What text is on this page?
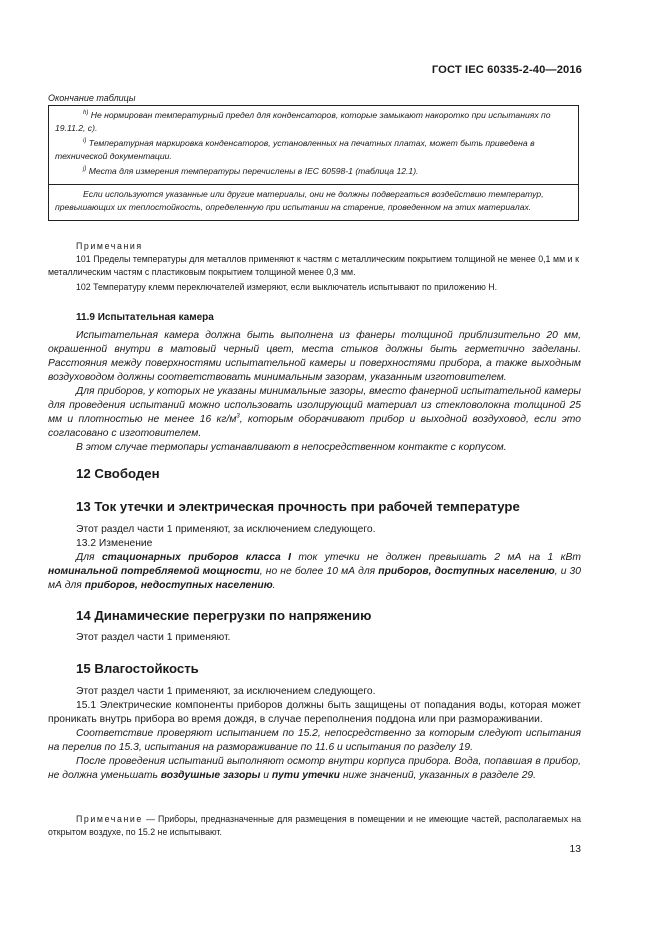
ГОСТ IEC 60335-2-40—2016
Окончание таблицы

$^{h)}$ Не нормирован температурный предел для конденсаторов, которые замыкают накоротко при испытаниях по 19.11.2, с).

$^{i)}$ Температурная маркировка конденсаторов, установленных на печатных платах, может быть приведена в технической документации.

$^{j)}$ Места для измерения температуры перечислены в IEC 60598-1 (таблица 12.1).

Если используются указанные или другие материалы, они не должны подвергаться воздействию температур, превышающих их теплостойкость, определенную при испытании на старение, проведенном на этих материалах.

Примечания

101 Пределы температуры для металлов применяют к частям с металлическим покрытием толщиной не менее 0,1 мм и к металлическим частям с пластиковым покрытием толщиной менее 0,3 мм.

102 Температуру клемм переключателей измеряют, если выключатель испытывают по приложению Н.

11.9 Испытательная камера

Испытательная камера должна быть выполнена из фанеры толщиной приблизительно 20 мм, окрашенной внутри в матовый черный цвет, места стыков должны быть герметично заделаны. Расстояния между поверхностями испытательной камеры и поверхностями прибора, а также выходным воздуховодом должны соответствовать минимальным зазорам, указанным изготовителем.

Для приборов, у которых не указаны минимальные зазоры, вместо фанерной испытательной камеры для проведения испытаний можно использовать изолирующий материал из стекловолокна толщиной 25 мм и плотностью не менее 16 $кг/м^3$, которым оборачивают прибор и выходной воздуховод, если это согласовано с изготовителем.

В этом случае термопары устанавливают в непосредственном контакте с корпусом.

12 Свободен
13 Ток утечки и электрическая прочность при рабочей температуре

Этот раздел части 1 применяют, за исключением следующего.

13.2 Изменение

Для стационарных приборов класса I ток утечки не должен превышать 2 мА на 1 кВт номинальной потребляемой мощности, но не более 10 мА для приборов, доступных населению, и 30 мА для приборов, недоступных населению.

14 Динамические перегрузки по напряжению

Этот раздел части 1 применяют.

15 Влагостойкость

Этот раздел части 1 применяют, за исключением следующего.

15.1 Электрические компоненты приборов должны быть защищены от попадания воды, которая может проникать внутрь прибора во время дождя, в случае переполнения поддона или при размораживании.

Соответствие проверяют испытанием по 15.2, непосредственно за которым следуют испытания на перелив по 15.3, испытания на размораживание по 11.6 и испытания по разделу 19.

После проведения испытаний выполняют осмотр внутри корпуса прибора. Вода, попавшая в прибор, не должна уменьшать воздушные зазоры и пути утечки ниже значений, указанных в разделе 29.

Примечание — Приборы, предназначенные для размещения в помещении и не имеющие частей, располагаемых на открытом воздухе, по 15.2 не испытывают.

13
